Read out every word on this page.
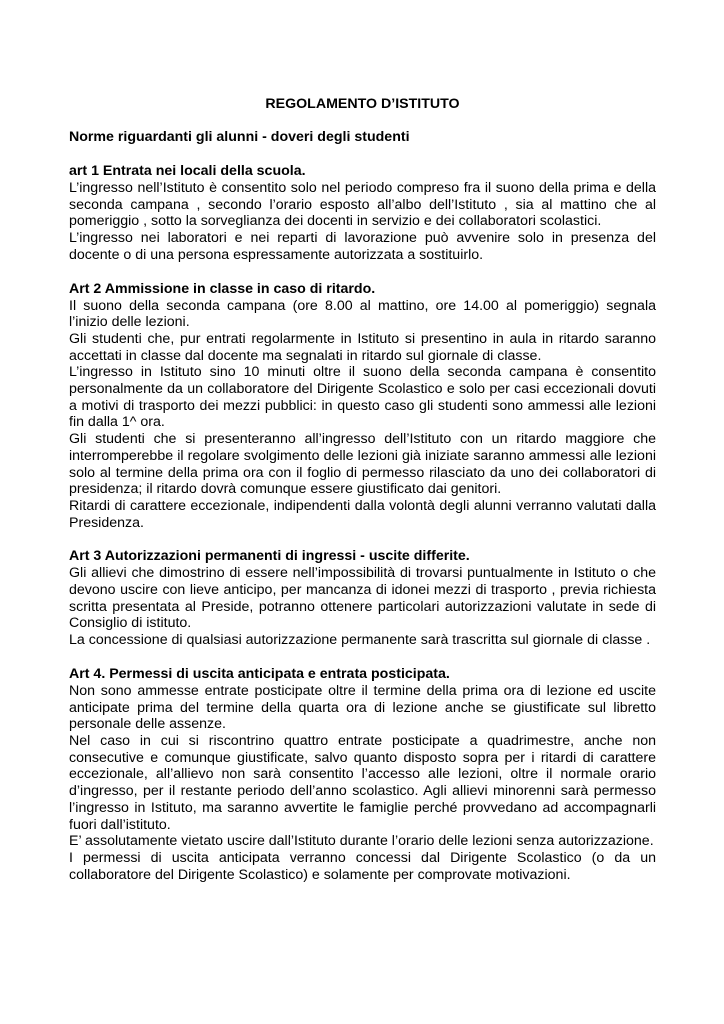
REGOLAMENTO D’ISTITUTO

Norme riguardanti gli alunni - doveri degli studenti

art 1 Entrata nei locali della scuola.

L’ingresso nell’Istituto è consentito solo nel periodo compreso fra il suono della prima e della seconda campana , secondo l’orario esposto all’albo dell’Istituto , sia al mattino che al pomeriggio , sotto la sorveglianza dei docenti in servizio e dei collaboratori scolastici.

L’ingresso nei laboratori e nei reparti di lavorazione può avvenire solo in presenza del docente o di una persona espressamente autorizzata a sostituirlo.

Art 2 Ammissione in classe in caso di ritardo.

Il suono della seconda campana (ore 8.00 al mattino, ore 14.00 al pomeriggio) segnala l’inizio delle lezioni.

Gli studenti che, pur entrati regolarmente in Istituto si presentino in aula in ritardo saranno accettati in classe dal docente ma segnalati in ritardo sul giornale di classe.

L’ingresso in Istituto sino 10 minuti oltre il suono della seconda campana è consentito personalmente da un collaboratore del Dirigente Scolastico e solo per casi eccezionali dovuti a motivi di trasporto dei mezzi pubblici: in questo caso gli studenti sono ammessi alle lezioni fin dalla 1^ ora.

Gli studenti che si presenteranno all’ingresso dell’Istituto con un ritardo maggiore che interromperebbe il regolare svolgimento delle lezioni già iniziate saranno ammessi alle lezioni solo al termine della prima ora con il foglio di permesso rilasciato da uno dei collaboratori di presidenza; il ritardo dovrà comunque essere giustificato dai genitori.

Ritardi di carattere eccezionale, indipendenti dalla volontà degli alunni verranno valutati dalla Presidenza.

Art 3 Autorizzazioni permanenti di ingressi - uscite differite.

Gli allievi che dimostrino di essere nell’impossibilità di trovarsi puntualmente in Istituto o che devono uscire con lieve anticipo, per mancanza di idonei mezzi di trasporto , previa richiesta scritta presentata al Preside, potranno ottenere particolari autorizzazioni valutate in sede di Consiglio di istituto.

La concessione di qualsiasi autorizzazione permanente sarà trascritta sul giornale di classe .

Art 4. Permessi di uscita anticipata e entrata posticipata.

Non sono ammesse entrate posticipate oltre il termine della prima ora di lezione ed uscite anticipate prima del termine della quarta ora di lezione anche se giustificate sul libretto personale delle assenze.

Nel caso in cui si riscontrino quattro entrate posticipate a quadrimestre, anche non consecutive e comunque giustificate, salvo quanto disposto sopra per i ritardi di carattere eccezionale, all’allievo non sarà consentito l’accesso alle lezioni, oltre il normale orario d’ingresso, per il restante periodo dell’anno scolastico. Agli allievi minorenni sarà permesso l’ingresso in Istituto, ma saranno avvertite le famiglie perché provvedano ad accompagnarli fuori dall’istituto.

E’ assolutamente vietato uscire dall’Istituto durante l’orario delle lezioni senza autorizzazione.

I permessi di uscita anticipata verranno concessi dal Dirigente Scolastico (o da un collaboratore del Dirigente Scolastico) e solamente per comprovate motivazioni.
